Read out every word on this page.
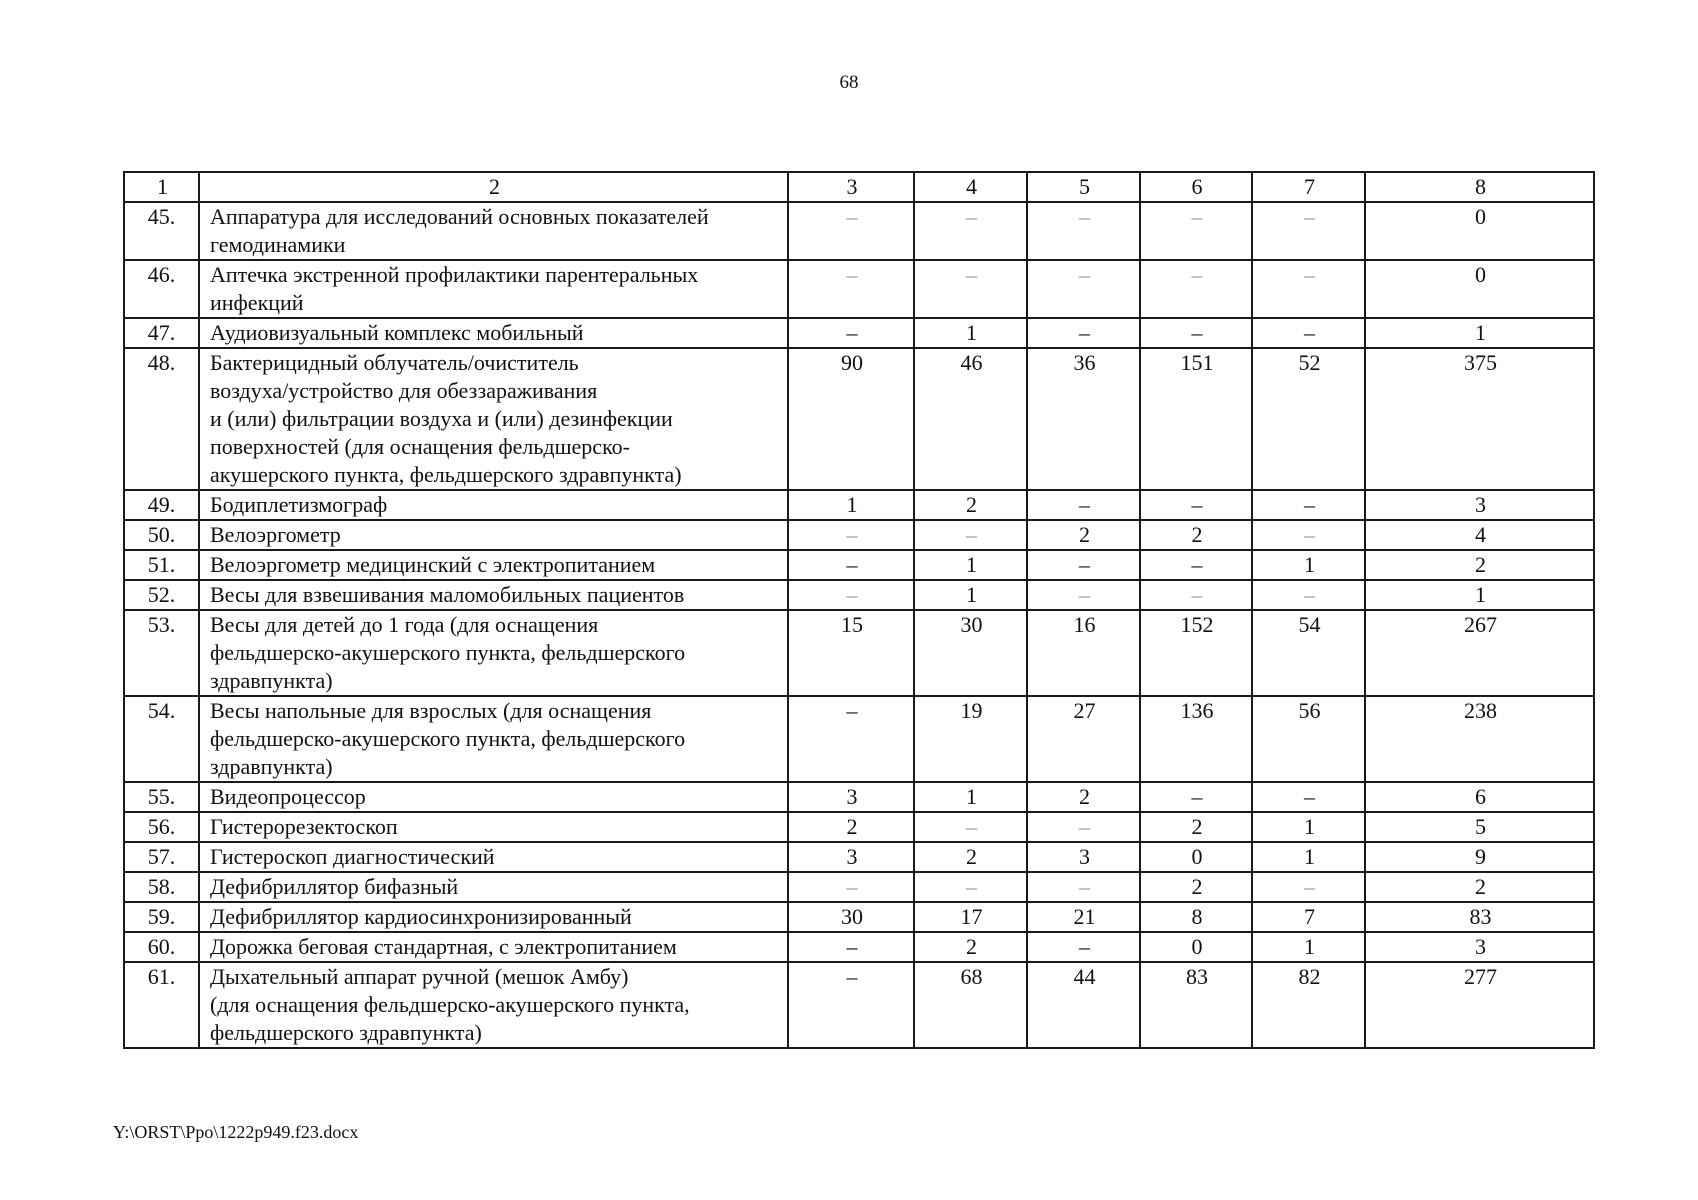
68
1	2	3	4	5	6	7	8
45.	Аппаратура для исследований основных показателей
гемодинамики	–	–	–	–	–	0
46.	Аптечка экстренной профилактики парентеральных
инфекций	–	–	–	–	–	0
47.	Аудиовизуальный комплекс мобильный	–	1	–	–	–	1
48.	Бактерицидный облучатель/очиститель
воздуха/устройство для обеззараживания
и (или) фильтрации воздуха и (или) дезинфекции
поверхностей (для оснащения фельдшерско-
акушерского пункта, фельдшерского здравпункта)	90	46	36	151	52	375
49.	Бодиплетизмограф	1	2	–	–	–	3
50.	Велоэргометр	–	–	2	2	–	4
51.	Велоэргометр медицинский с электропитанием	–	1	–	–	1	2
52.	Весы для взвешивания маломобильных пациентов	–	1	–	–	–	1
53.	Весы для детей до 1 года (для оснащения
фельдшерско-акушерского пункта, фельдшерского
здравпункта)	15	30	16	152	54	267
54.	Весы напольные для взрослых (для оснащения
фельдшерско-акушерского пункта, фельдшерского
здравпункта)	–	19	27	136	56	238
55.	Видеопроцессор	3	1	2	–	–	6
56.	Гистерорезектоскоп	2	–	–	2	1	5
57.	Гистероскоп диагностический	3	2	3	0	1	9
58.	Дефибриллятор бифазный	–	–	–	2	–	2
59.	Дефибриллятор кардиосинхронизированный	30	17	21	8	7	83
60.	Дорожка беговая стандартная, с электропитанием	–	2	–	0	1	3
61.	Дыхательный аппарат ручной (мешок Амбу)
(для оснащения фельдшерско-акушерского пункта,
фельдшерского здравпункта)	–	68	44	83	82	277
Y:\ORST\Ppo\1222p949.f23.docx
